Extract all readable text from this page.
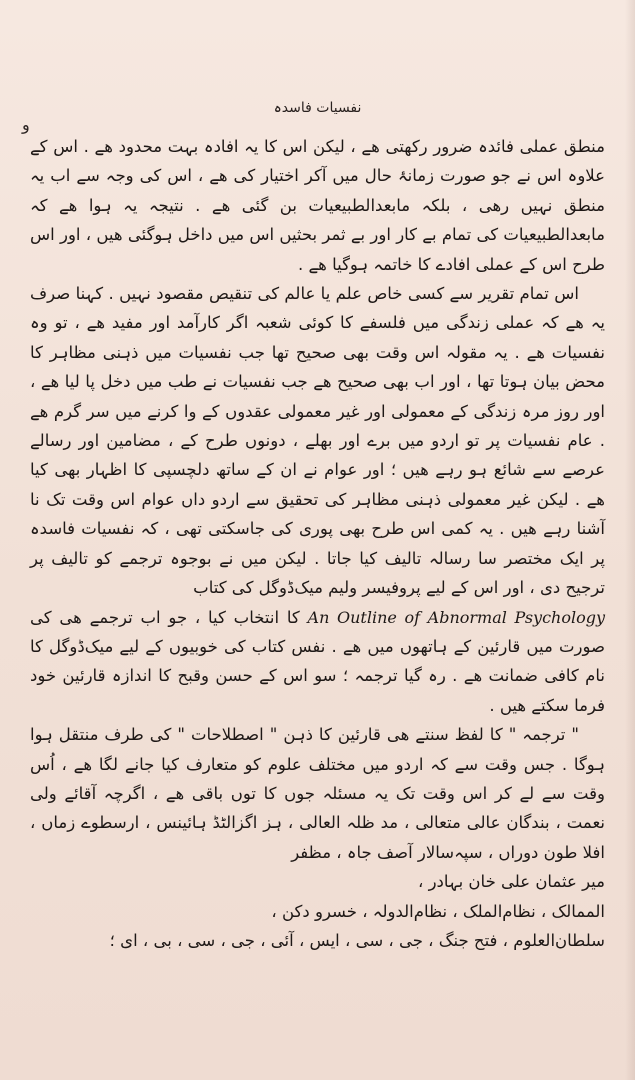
و
نفسیات فاسدہ

منطق عملی فائدہ ضرور رکھتی ھے ، لیکن اس کا یہ افادہ بہت محدود ھے . اس کے علاوہ اس نے جو صورت زمانۂ حال میں آکر اختیار کی ھے ، اس کی وجہ سے اب یہ منطق نہیں رھی ، بلکہ مابعدالطبیعیات بن گئی ھے . نتیجہ یہ ہوا ھے کہ مابعدالطبیعیات کی تمام بے کار اور بے ثمر بحثیں اس میں داخل ہوگئی ھیں ، اور اس طرح اس کے عملی افادے کا خاتمہ ہوگیا ھے .

اس تمام تقریر سے کسی خاص علم یا عالم کی تنقیص مقصود نہیں . کہنا صرف یہ ھے کہ عملی زندگی میں فلسفے کا کوئی شعبہ اگر کارآمد اور مفید ھے ، تو وہ نفسیات ھے . یہ مقولہ اس وقت بھی صحیح تھا جب نفسیات میں ذہنی مظاہر کا محض بیان ہوتا تھا ، اور اب بھی صحیح ھے جب نفسیات نے طب میں دخل پا لیا ھے ، اور روز مرہ زندگی کے معمولی اور غیر معمولی عقدوں کے وا کرنے میں سر گرم ھے . عام نفسیات پر تو اردو میں برے اور بھلے ، دونوں طرح کے ، مضامین اور رسالے عرصے سے شائع ہو رہے ھیں ؛ اور عوام نے ان کے ساتھ دلچسپی کا اظہار بھی کیا ھے . لیکن غیر معمولی ذہنی مظاہر کی تحقیق سے اردو داں عوام اس وقت تک نا آشنا رہے ھیں . یہ کمی اس طرح بھی پوری کی جاسکتی تھی ، کہ نفسیات فاسدہ پر ایک مختصر سا رسالہ تالیف کیا جاتا . لیکن میں نے بوجوہ ترجمے کو تالیف پر ترجیح دی ، اور اس کے لیے پروفیسر ولیم میک‌ڈوگل کی کتاب

An Outline of Abnormal Psychology کا انتخاب کیا ، جو اب ترجمے ھی کی صورت میں قارئین کے ہاتھوں میں ھے . نفس کتاب کی خوبیوں کے لیے میک‌ڈوگل کا نام کافی ضمانت ھے . رہ گیا ترجمہ ؛ سو اس کے حسن وقبح کا اندازہ قارئین خود فرما سکتے ھیں .

" ترجمہ " کا لفظ سنتے ھی قارئین کا ذہن " اصطلاحات " کی طرف منتقل ہوا ہوگا . جس وقت سے کہ اردو میں مختلف علوم کو متعارف کیا جانے لگا ھے ، اُس وقت سے لے کر اس وقت تک یہ مسئلہ جوں کا توں باقی ھے ، اگرچہ آقائے ولی نعمت ، بندگان عالی متعالی ، مد ظلہ العالی ، ہز اگزالٹڈ ہائینس ، ارسطوے زماں ، افلا طون دوراں ، سپہ‌سالار آصف جاہ ، مظفر

میر عثمان علی خان بہادر ،

الممالک ، نظام‌الملک ، نظام‌الدولہ ، خسرو دکن ،

سلطان‌العلوم ، فتح جنگ ، جی ، سی ، ایس ، آئی ، جی ، سی ، بی ، ای ؛
